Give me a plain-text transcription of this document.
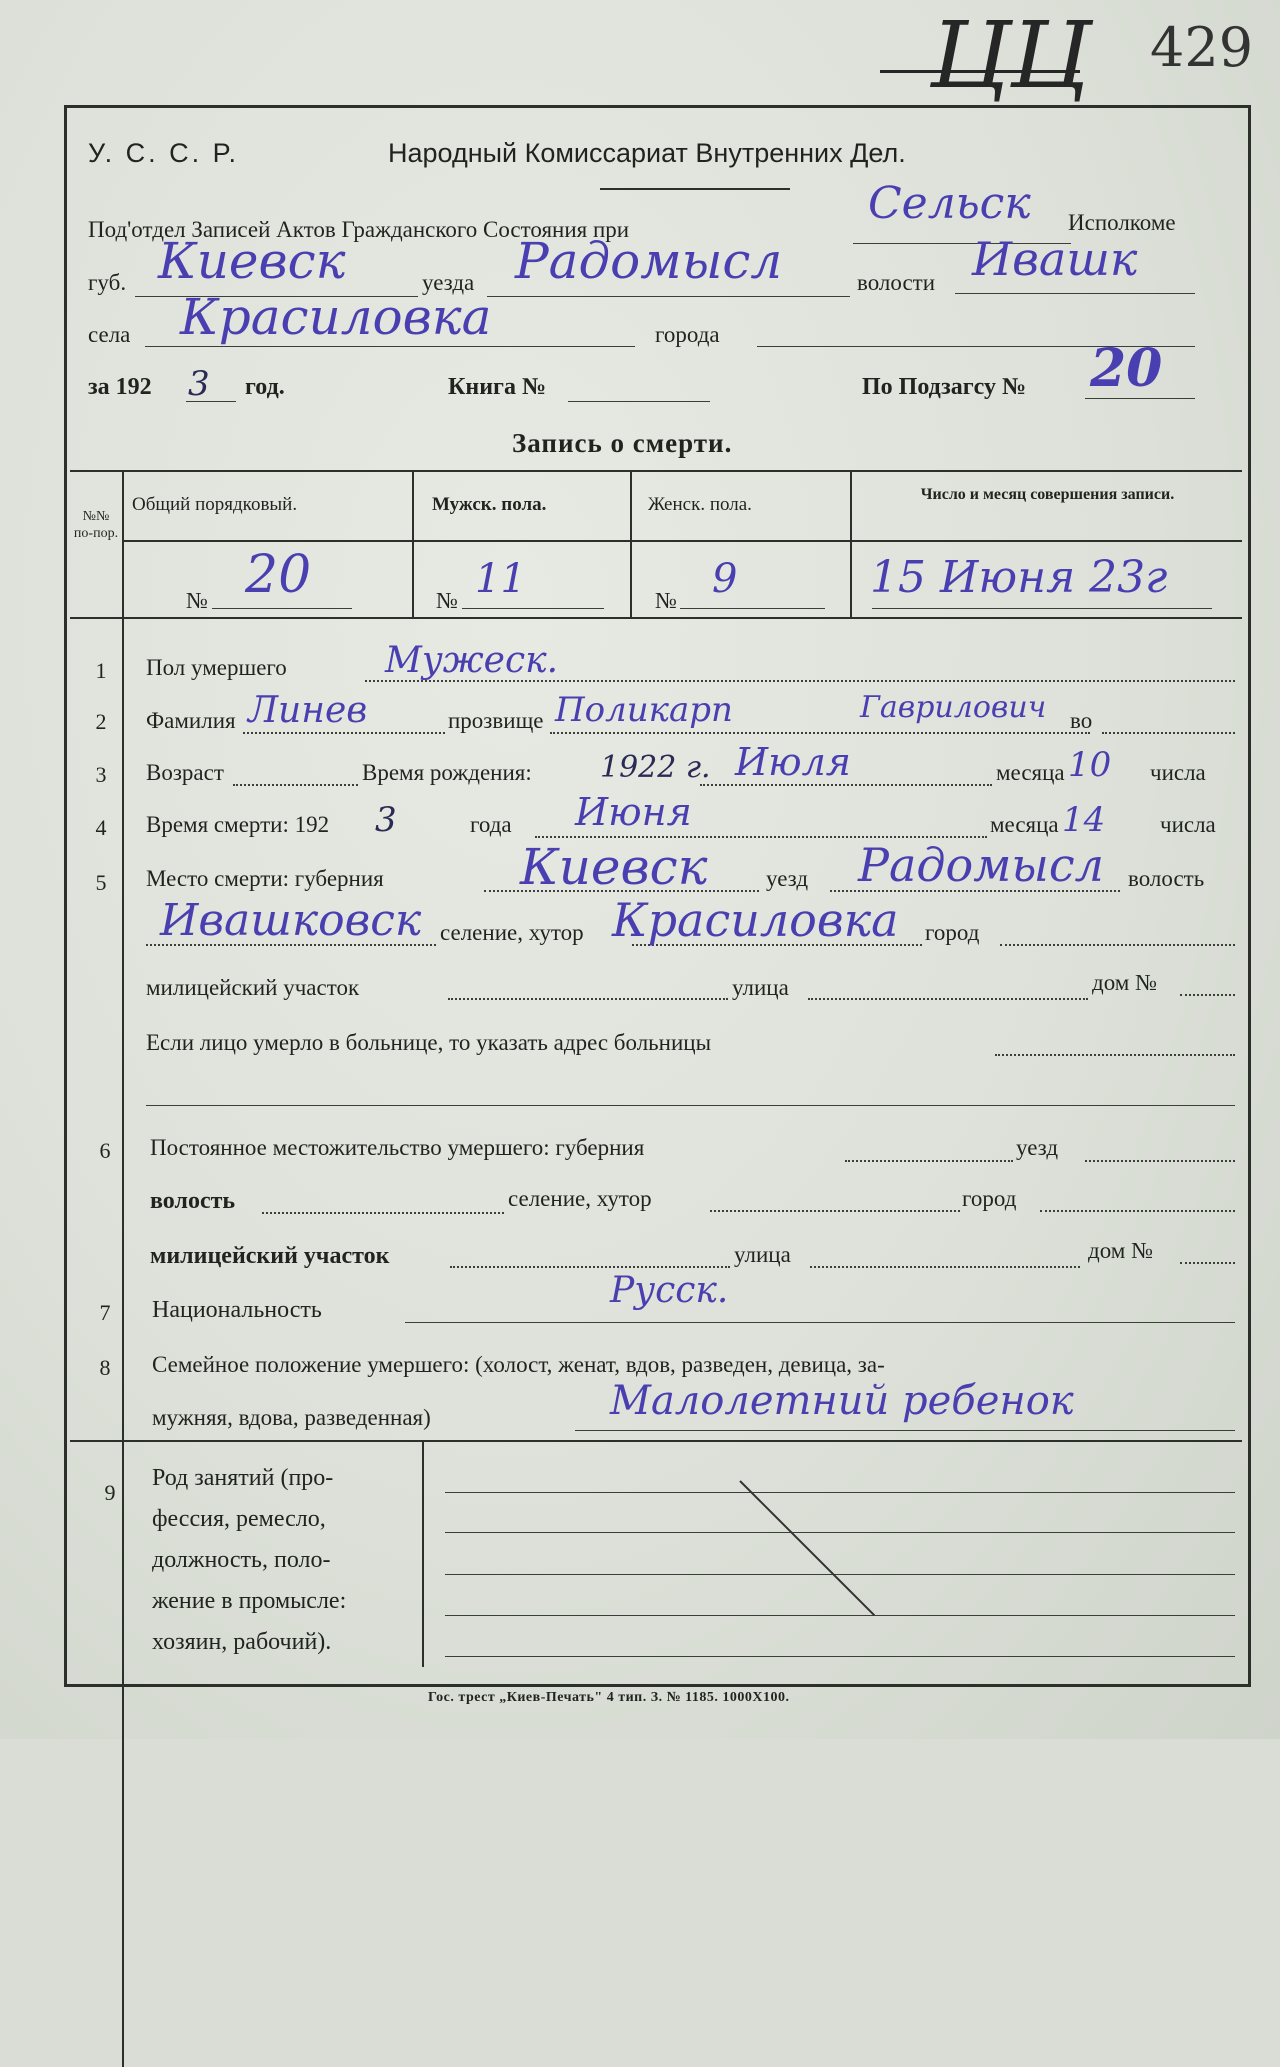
ЦЦ 429
У. С. С. Р.	Народный Комиссариат Внутренних Дел.
Под'отдел Записей Актов Гражданского Состояния при
Сельск Исполкоме
губ. Киевск	уезда Радомысл	волости Ивашк
села Красиловка	города
за 192 3 год.	Книга №	По Подзагсу № 20
Запись о смерти.
№№ по-пор.
Общий порядковый.	Мужск. пола.	Женск. пола.	Число и месяц совершения записи.
№ 20	№ 11	№ 9	15 Июня 23г
1
2
3
4
5
6
7
8
9
Пол умершего	Мужеск.
Фамилия Линев	прозвище Поликарп	Гаврилович во
Возраст	Время рождения: 1922 г. Июля	месяца 10 числа
Время смерти: 192 3	года Июня	месяца 14 числа
Место смерти: губерния	Киевск	уезд Радомысл волость
Ивашковск селение, хутор Красиловка город
милицейский участок	улица	дом №
Если лицо умерло в больнице, то указать адрес больницы
Постоянное местожительство умершего: губерния	уезд
волость	селение, хутор	город
милицейский участок	улица	дом №
Национальность	Русск.
Семейное положение умершего: (холост, женат, вдов, разведен, девица, за-
мужняя, вдова, разведенная)	Малолетний ребенок
Род занятий (про-
фессия, ремесло,
должность, поло-
жение в промысле:
хозяин, рабочий).
Гос. трест „Киев-Печать" 4 тип. З. № 1185. 1000Х100.
